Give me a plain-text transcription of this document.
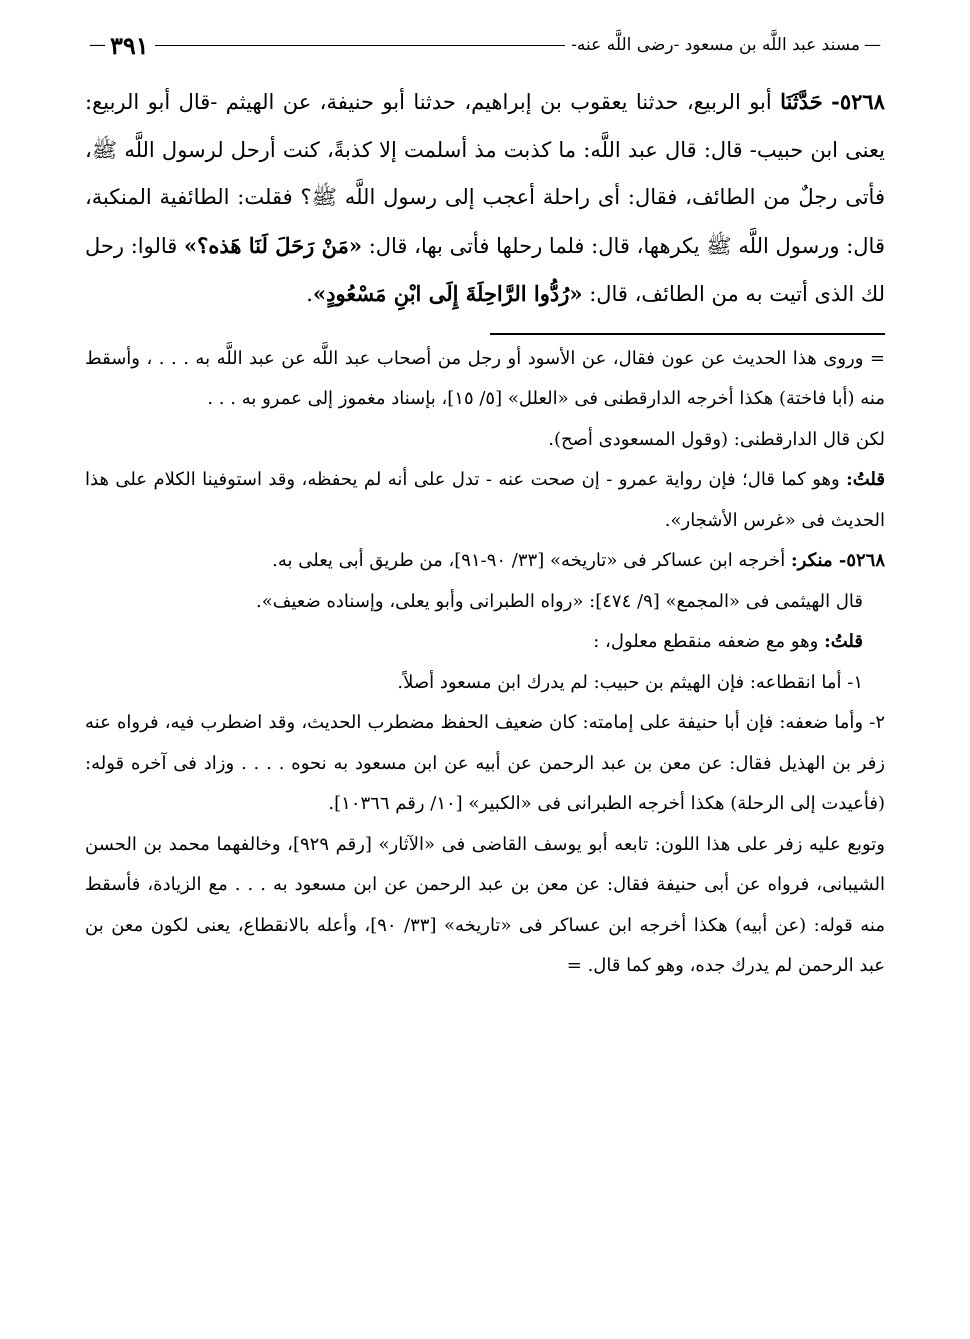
—
مسند عبد اللَّه بن مسعود -رضى اللَّه عنه-
٣٩١
—
٥٢٦٨- حَدَّثَنَا أبو الربيع، حدثنا يعقوب بن إبراهيم، حدثنا أبو حنيفة، عن الهيثم -قال أبو الربيع: يعنى ابن حبيب- قال: قال عبد اللَّه: ما كذبت مذ أسلمت إلا كذبةً، كنت أرحل لرسول اللَّه ﷺ، فأتى رجلٌ من الطائف، فقال: أى راحلة أعجب إلى رسول اللَّه ﷺ؟ فقلت: الطائفية المنكبة، قال: ورسول اللَّه ﷺ يكرهها، قال: فلما رحلها فأتى بها، قال: «مَنْ رَحَلَ لَنَا هَذه؟» قالوا: رحل لك الذى أتيت به من الطائف، قال: «رُدُّوا الرَّاحِلَةَ إِلَى ابْنِ مَسْعُودٍ».

= وروى هذا الحديث عن عون فقال، عن الأسود أو رجل من أصحاب عبد اللَّه عن عبد اللَّه به . . . ، وأسقط منه (أبا فاختة) هكذا أخرجه الدارقطنى فى «العلل» [٥/ ١٥]، بإسناد مغموز إلى عمرو به . . .

لكن قال الدارقطنى: (وقول المسعودى أصح).

قلتُ: وهو كما قال؛ فإن رواية عمرو - إن صحت عنه - تدل على أنه لم يحفظه، وقد استوفينا الكلام على هذا الحديث فى «غرس الأشجار».

٥٢٦٨- منكر: أخرجه ابن عساكر فى «تاريخه» [٣٣/ ٩٠-٩١]، من طريق أبى يعلى به.

قال الهيثمى فى «المجمع» [٩/ ٤٧٤]: «رواه الطبرانى وأبو يعلى، وإسناده ضعيف».

قلتُ: وهو مع ضعفه منقطع معلول، :

١- أما انقطاعه: فإن الهيثم بن حبيب: لم يدرك ابن مسعود أصلاً.

٢- وأما ضعفه: فإن أبا حنيفة على إمامته: كان ضعيف الحفظ مضطرب الحديث، وقد اضطرب فيه، فرواه عنه زفر بن الهذيل فقال: عن معن بن عبد الرحمن عن أبيه عن ابن مسعود به نحوه . . . . وزاد فى آخره قوله: (فأعيدت إلى الرحلة) هكذا أخرجه الطبرانى فى «الكبير» [١٠/ رقم ١٠٣٦٦].

وتوبع عليه زفر على هذا اللون: تابعه أبو يوسف القاضى فى «الآثار» [رقم ٩٢٩]، وخالفهما محمد بن الحسن الشيبانى، فرواه عن أبى حنيفة فقال: عن معن بن عبد الرحمن عن ابن مسعود به . . . مع الزيادة، فأسقط منه قوله: (عن أبيه) هكذا أخرجه ابن عساكر فى «تاريخه» [٣٣/ ٩٠]، وأعله بالانقطاع، يعنى لكون معن بن عبد الرحمن لم يدرك جده، وهو كما قال. =
